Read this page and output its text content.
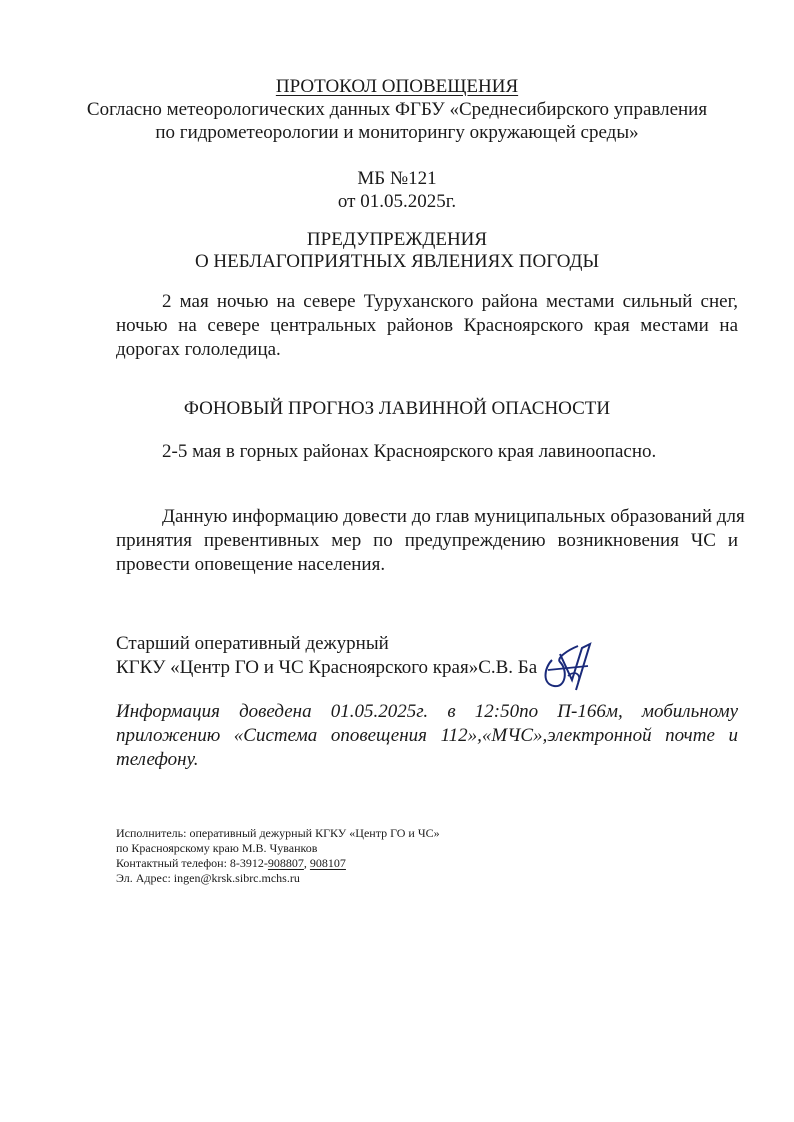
ПРОТОКОЛ ОПОВЕЩЕНИЯ
Согласно метеорологических данных ФГБУ «Среднесибирского управления
по гидрометеорологии и мониторингу окружающей среды»
МБ №121
от 01.05.2025г.
ПРЕДУПРЕЖДЕНИЯ
О НЕБЛАГОПРИЯТНЫХ ЯВЛЕНИЯХ ПОГОДЫ
2 мая ночью на севере Туруханского района местами сильный снег,
ночью на севере центральных районов Красноярского края местами на
дорогах гололедица.
ФОНОВЫЙ ПРОГНОЗ ЛАВИННОЙ ОПАСНОСТИ
2-5 мая в горных районах Красноярского края лавиноопасно.
Данную информацию довести до глав муниципальных образований для
принятия превентивных мер по предупреждению возникновения ЧС и
провести оповещение населения.
Старший оперативный дежурный
КГКУ «Центр ГО и ЧС Красноярского края»С.В. Ба
Информация доведена 01.05.2025г. в 12:50по П-166м, мобильному
приложению «Система оповещения 112»,«МЧС»,электронной почте и
телефону.
Исполнитель: оперативный дежурный КГКУ «Центр ГО и ЧС»
по Красноярскому краю М.В. Чуванков
Контактный телефон: 8-3912-908807, 908107
Эл. Адрес: ingen@krsk.sibrc.mchs.ru
